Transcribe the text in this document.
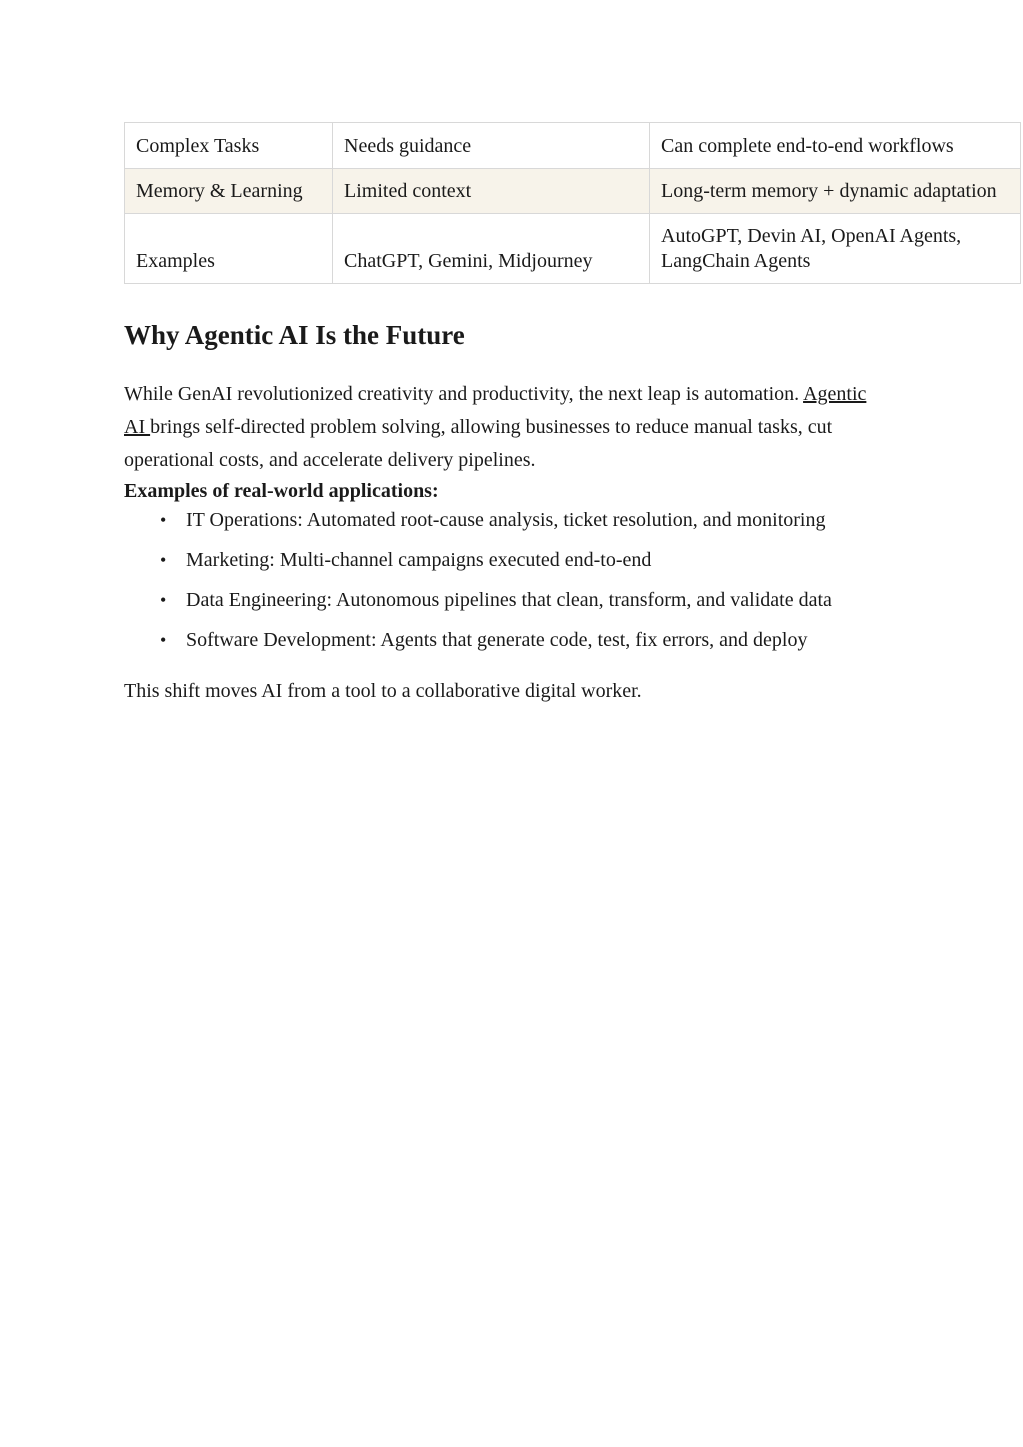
Complex Tasks	Needs guidance	Can complete end-to-end workflows
Memory & Learning	Limited context	Long-term memory + dynamic adaptation
Examples	ChatGPT, Gemini, Midjourney	AutoGPT, Devin AI, OpenAI Agents, LangChain Agents
Why Agentic AI Is the Future
While GenAI revolutionized creativity and productivity, the next leap is automation. Agentic
AI brings self-directed problem solving, allowing businesses to reduce manual tasks, cut
operational costs, and accelerate delivery pipelines.
Examples of real-world applications:
• IT Operations: Automated root-cause analysis, ticket resolution, and monitoring
• Marketing: Multi-channel campaigns executed end-to-end
• Data Engineering: Autonomous pipelines that clean, transform, and validate data
• Software Development: Agents that generate code, test, fix errors, and deploy
This shift moves AI from a tool to a collaborative digital worker.
